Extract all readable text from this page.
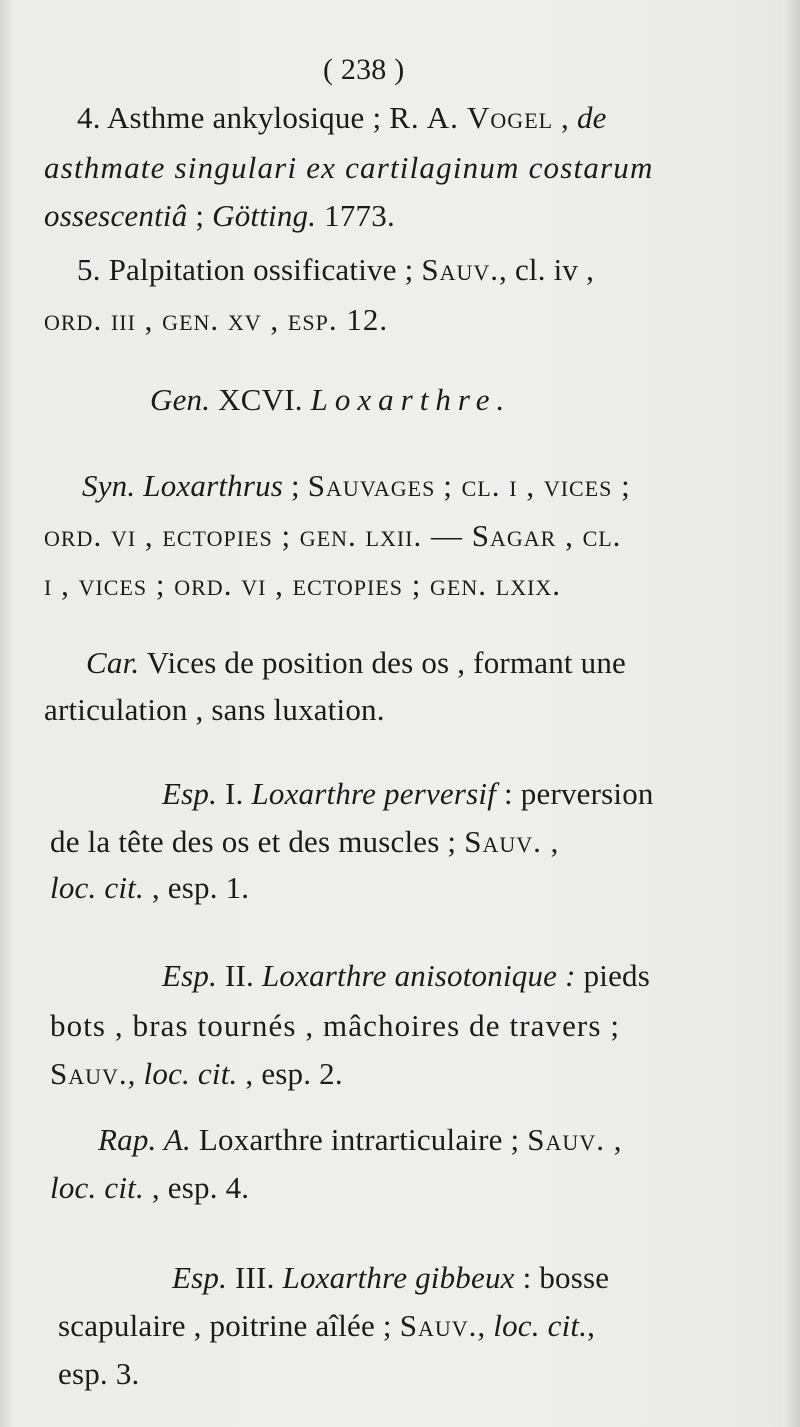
( 238 )
4. Asthme ankylosique ; R. A. Vogel , de
asthmate singulari ex cartilaginum costarum
ossescentiâ ; Götting. 1773.
5. Palpitation ossificative ; Sauv., cl. iv ,
ord. iii , gen. xv , esp. 12.
Gen. XCVI. Loxarthre.
Syn. Loxarthrus ; Sauvages ; cl. i , vices ;
ord. vi , ectopies ; gen. lxii. — Sagar , cl.
i , vices ; ord. vi , ectopies ; gen. lxix.
Car. Vices de position des os , formant une
articulation , sans luxation.
Esp. I. Loxarthre perversif : perversion
de la tête des os et des muscles ; Sauv. ,
loc. cit. , esp. 1.
Esp. II. Loxarthre anisotonique : pieds
bots , bras tournés , mâchoires de travers ;
Sauv., loc. cit. , esp. 2.
Rap. A. Loxarthre intrarticulaire ; Sauv. ,
loc. cit. , esp. 4.
Esp. III. Loxarthre gibbeux : bosse
scapulaire , poitrine aîlée ; Sauv., loc. cit.,
esp. 3.
